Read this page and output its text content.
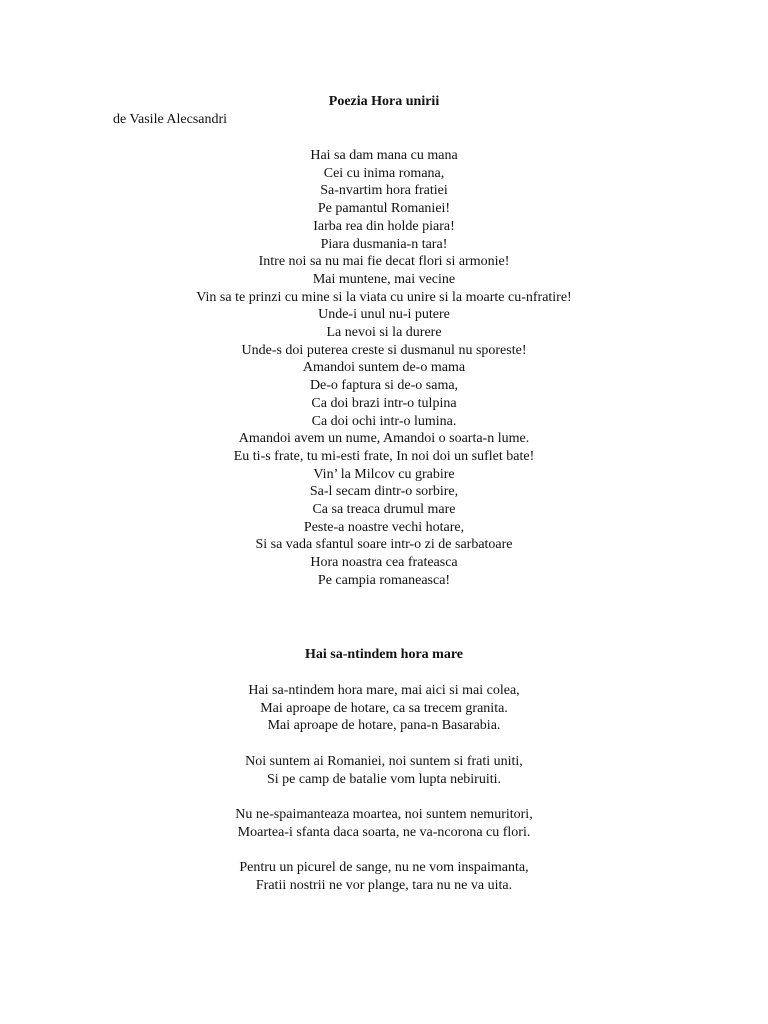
Poezia Hora unirii
de Vasile Alecsandri
Hai sa dam mana cu mana
Cei cu inima romana,
Sa-nvartim hora fratiei
Pe pamantul Romaniei!
Iarba rea din holde piara!
Piara dusmania-n tara!
Intre noi sa nu mai fie decat flori si armonie!
Mai muntene, mai vecine
Vin sa te prinzi cu mine si la viata cu unire si la moarte cu-nfratire!
Unde-i unul nu-i putere
La nevoi si la durere
Unde-s doi puterea creste si dusmanul nu sporeste!
Amandoi suntem de-o mama
De-o faptura si de-o sama,
Ca doi brazi intr-o tulpina
Ca doi ochi intr-o lumina.
Amandoi avem un nume, Amandoi o soarta-n lume.
Eu ti-s frate, tu mi-esti frate, In noi doi un suflet bate!
Vin’ la Milcov cu grabire
Sa-l secam dintr-o sorbire,
Ca sa treaca drumul mare
Peste-a noastre vechi hotare,
Si sa vada sfantul soare intr-o zi de sarbatoare
Hora noastra cea frateasca
Pe campia romaneasca!
Hai sa-ntindem hora mare
Hai sa-ntindem hora mare, mai aici si mai colea,
Mai aproape de hotare, ca sa trecem granita.
Mai aproape de hotare, pana-n Basarabia.
Noi suntem ai Romaniei, noi suntem si frati uniti,
Si pe camp de batalie vom lupta nebiruiti.
Nu ne-spaimanteaza moartea, noi suntem nemuritori,
Moartea-i sfanta daca soarta, ne va-ncorona cu flori.
Pentru un picurel de sange, nu ne vom inspaimanta,
Fratii nostrii ne vor plange, tara nu ne va uita.
